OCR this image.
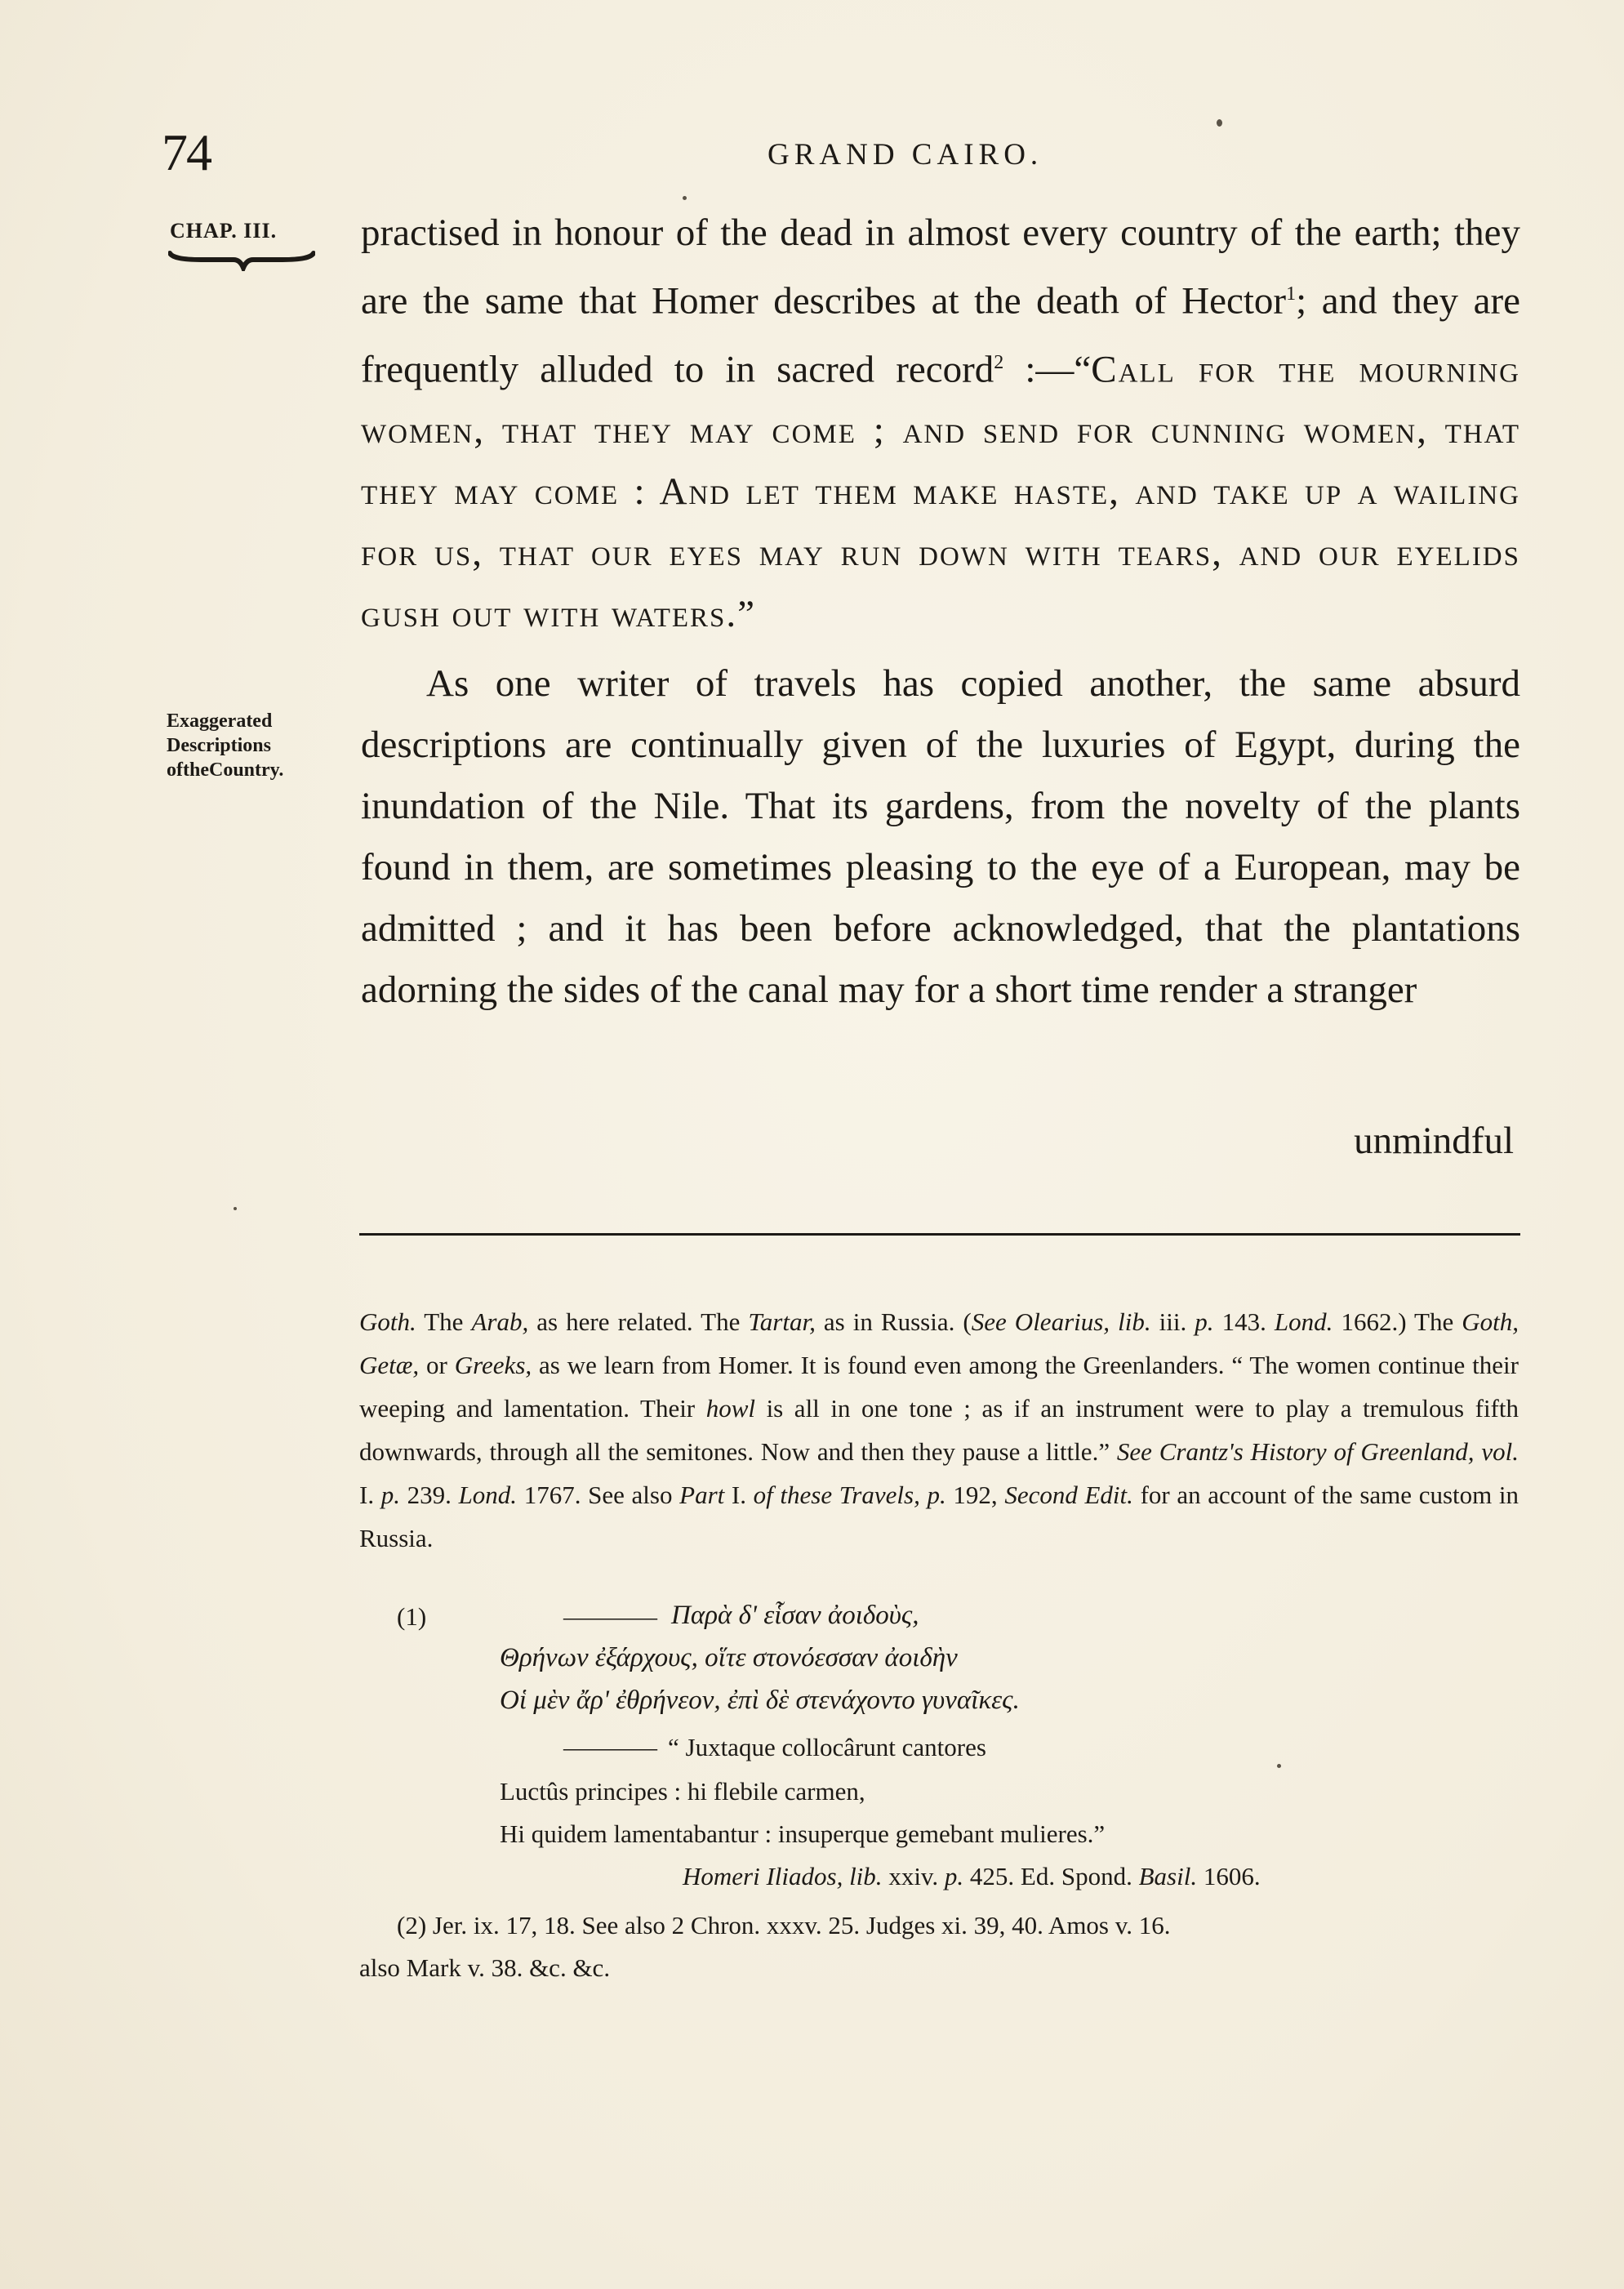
74	GRAND CAIRO.
CHAP. III.
Exaggerated
Descriptions
oftheCountry.

practised in honour of the dead in almost every country of the earth; they are the same that Homer describes at the death of Hector$^1$; and they are frequently alluded to in sacred record$^2$ :—“Call for the mourning women, that they may come ; and send for cunning women, that they may come : And let them make haste, and take up a wailing for us, that our eyes may run down with tears, and our eyelids gush out with waters.”

As one writer of travels has copied another, the same absurd descriptions are continually given of the luxuries of Egypt, during the inundation of the Nile. That its gardens, from the novelty of the plants found in them, are sometimes pleasing to the eye of a European, may be admitted ; and it has been before acknowledged, that the plantations adorning the sides of the canal may for a short time render a stranger

unmindful

Goth. The Arab, as here related. The Tartar, as in Russia. (See Olearius, lib. iii. p. 143. Lond. 1662.) The Goth, Getæ, or Greeks, as we learn from Homer. It is found even among the Greenlanders. “ The women continue their weeping and lamentation. Their howl is all in one tone ; as if an instrument were to play a tremulous fifth downwards, through all the semitones. Now and then they pause a little.” See Crantz's History of Greenland, vol. I. p. 239. Lond. 1767. See also Part I. of these Travels, p. 192, Second Edit. for an account of the same custom in Russia.

(1)	———— Παρὰ δ' εἷσαν ἀοιδοὺς,
Θρήνων ἐξάρχους, οἵτε στονόεσσαν ἀοιδὴν
Οἱ μὲν ἄρ' ἐθρήνεον, ἐπὶ δὲ στενάχοντο γυναῖκες.
———— “ Juxtaque collocârunt cantores
Luctûs principes : hi flebile carmen,
Hi quidem lamentabantur : insuperque gemebant mulieres.”
Homeri Iliados, lib. xxiv. p. 425. Ed. Spond. Basil. 1606.
(2) Jer. ix. 17, 18. See also 2 Chron. xxxv. 25. Judges xi. 39, 40. Amos v. 16.
also Mark v. 38. &c. &c.
